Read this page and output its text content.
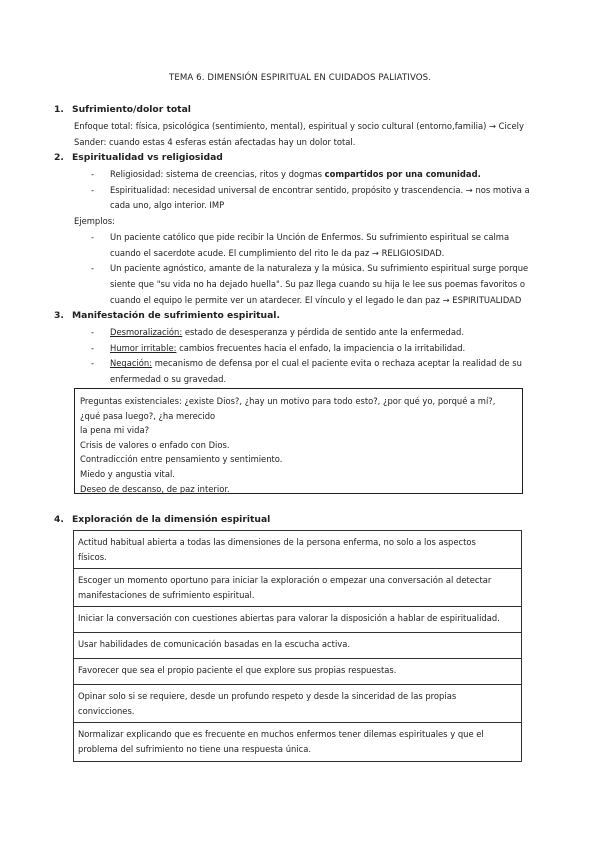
TEMA 6. DIMENSIÓN ESPIRITUAL EN CUIDADOS PALIATIVOS.
1. Sufrimiento/dolor total
Enfoque total: física, psicológica (sentimiento, mental), espiritual y socio cultural (entorno,familia) → Cicely
Sander: cuando estas 4 esferas están afectadas hay un dolor total.
2. Espiritualidad vs religiosidad
- Religiosidad: sistema de creencias, ritos y dogmas compartidos por una comunidad.
- Espiritualidad: necesidad universal de encontrar sentido, propósito y trascendencia. → nos motiva a
cada uno, algo interior. IMP
Ejemplos:
- Un paciente católico que pide recibir la Unción de Enfermos. Su sufrimiento espiritual se calma
cuando el sacerdote acude. El cumplimiento del rito le da paz → RELIGIOSIDAD.
- Un paciente agnóstico, amante de la naturaleza y la música. Su sufrimiento espiritual surge porque
siente que "su vida no ha dejado huella". Su paz llega cuando su hija le lee sus poemas favoritos o
cuando el equipo le permite ver un atardecer. El vínculo y el legado le dan paz → ESPIRITUALIDAD
3. Manifestación de sufrimiento espiritual.
- Desmoralización: estado de desesperanza y pérdida de sentido ante la enfermedad.
- Humor irritable: cambios frecuentes hacia el enfado, la impaciencia o la irritabilidad.
- Negación: mecanismo de defensa por el cual el paciente evita o rechaza aceptar la realidad de su
enfermedad o su gravedad.
Preguntas existenciales: ¿existe Dios?, ¿hay un motivo para todo esto?, ¿por qué yo, porqué a mí?,
¿qué pasa luego?, ¿ha merecido
la pena mi vida?
Crisis de valores o enfado con Dios.
Contradicción entre pensamiento y sentimiento.
Miedo y angustia vital.
Deseo de descanso, de paz interior.
4. Exploración de la dimensión espiritual
Actitud habitual abierta a todas las dimensiones de la persona enferma, no solo a los aspectos
físicos.
Escoger un momento oportuno para iniciar la exploración o empezar una conversación al detectar
manifestaciones de sufrimiento espiritual.
Iniciar la conversación con cuestiones abiertas para valorar la disposición a hablar de espiritualidad.
Usar habilidades de comunicación basadas en la escucha activa.
Favorecer que sea el propio paciente el que explore sus propias respuestas.
Opinar solo si se requiere, desde un profundo respeto y desde la sinceridad de las propias
convicciones.
Normalizar explicando que es frecuente en muchos enfermos tener dilemas espirituales y que el
problema del sufrimiento no tiene una respuesta única.
